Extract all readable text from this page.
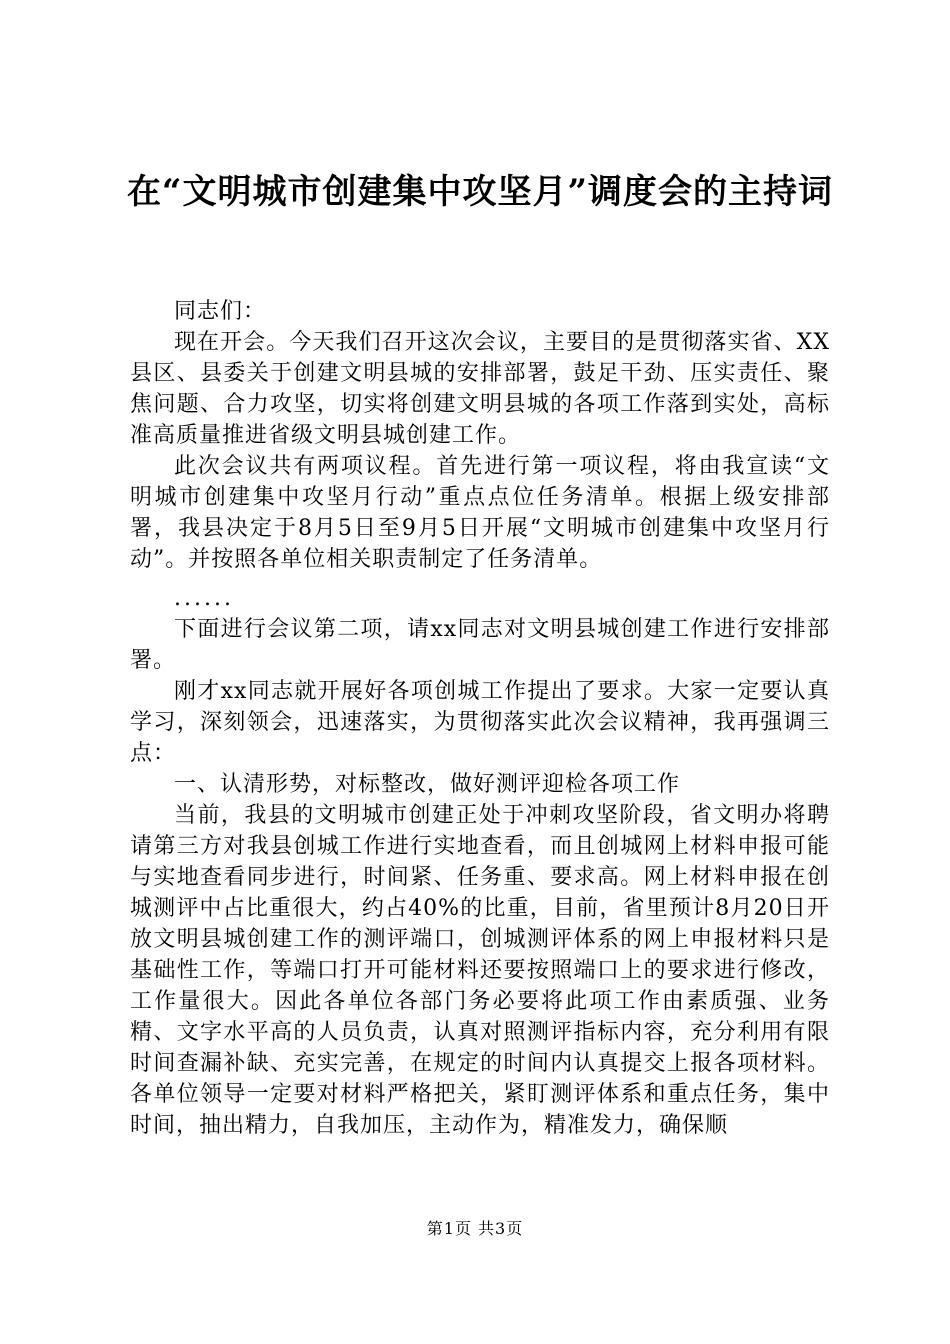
在“文明城市创建集中攻坚月”调度会的主持词

同志们：

现在开会。今天我们召开这次会议，主要目的是贯彻落实省、XX县区、县委关于创建文明县城的安排部署，鼓足干劲、压实责任、聚焦问题、合力攻坚，切实将创建文明县城的各项工作落到实处，高标准高质量推进省级文明县城创建工作。

此次会议共有两项议程。首先进行第一项议程，将由我宣读“文明城市创建集中攻坚月行动”重点点位任务清单。根据上级安排部署，我县决定于8月5日至9月5日开展“文明城市创建集中攻坚月行动”。并按照各单位相关职责制定了任务清单。

......

下面进行会议第二项，请xx同志对文明县城创建工作进行安排部署。

刚才xx同志就开展好各项创城工作提出了要求。大家一定要认真学习，深刻领会，迅速落实，为贯彻落实此次会议精神，我再强调三点：

一、认清形势，对标整改，做好测评迎检各项工作

当前，我县的文明城市创建正处于冲刺攻坚阶段，省文明办将聘请第三方对我县创城工作进行实地查看，而且创城网上材料申报可能与实地查看同步进行，时间紧、任务重、要求高。网上材料申报在创城测评中占比重很大，约占40%的比重，目前，省里预计8月20日开放文明县城创建工作的测评端口，创城测评体系的网上申报材料只是基础性工作，等端口打开可能材料还要按照端口上的要求进行修改，工作量很大。因此各单位各部门务必要将此项工作由素质强、业务精、文字水平高的人员负责，认真对照测评指标内容，充分利用有限时间查漏补缺、充实完善，在规定的时间内认真提交上报各项材料。各单位领导一定要对材料严格把关，紧盯测评体系和重点任务，集中时间，抽出精力，自我加压，主动作为，精准发力，确保顺

第1页 共3页
